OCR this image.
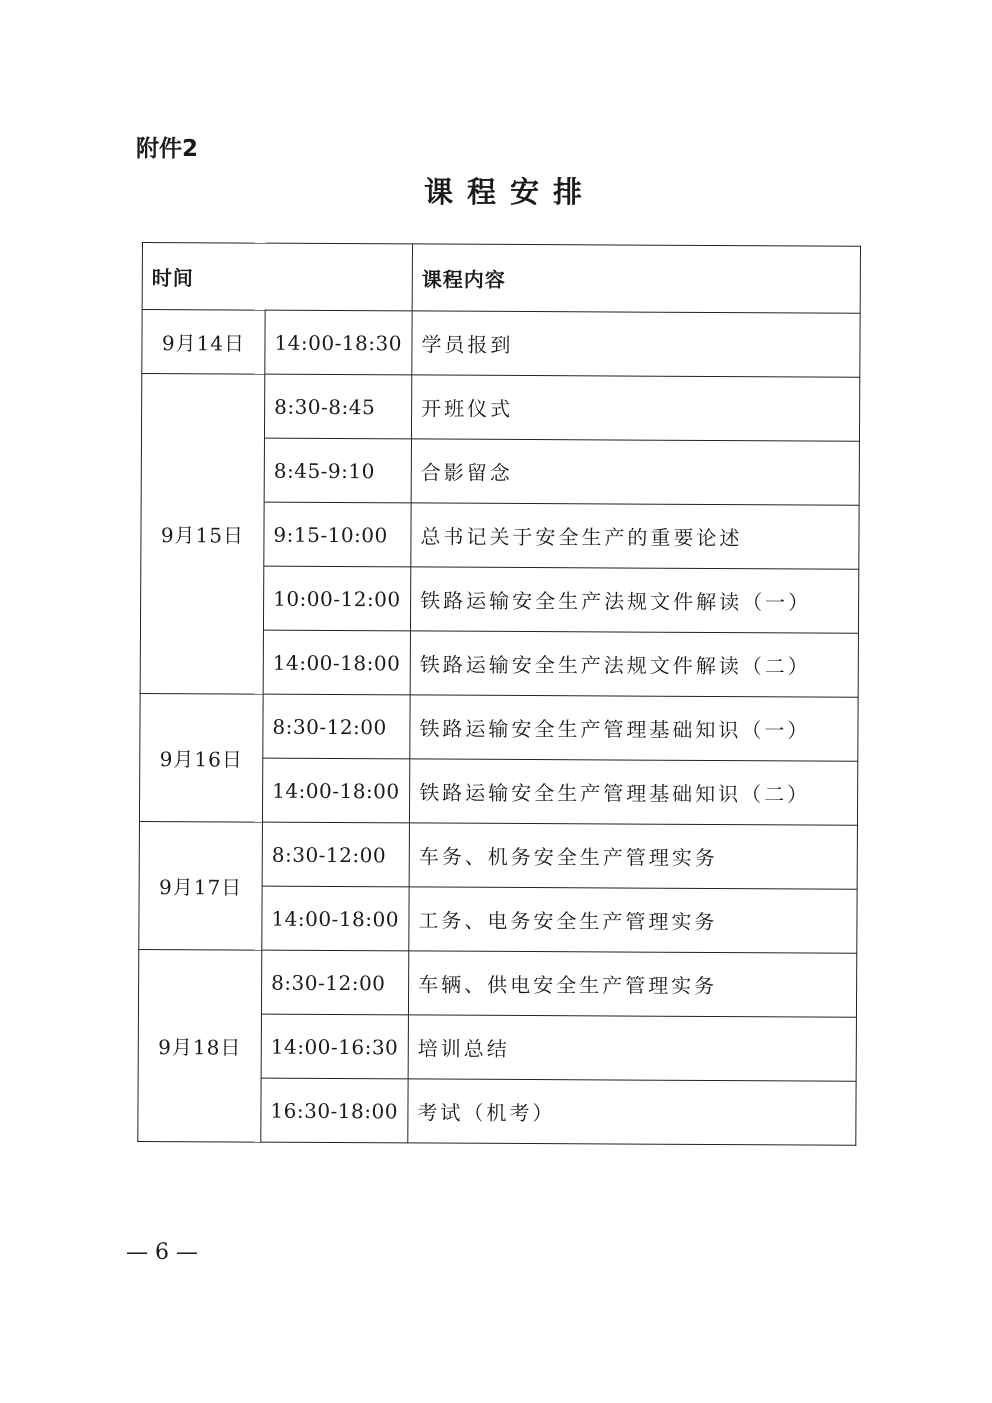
附件2
课程安排
时间		课程内容
9月14日	14:00-18:30	学员报到
9月15日	8:30-8:45	开班仪式
	8:45-9:10	合影留念
	9:15-10:00	总书记关于安全生产的重要论述
	10:00-12:00	铁路运输安全生产法规文件解读（一）
	14:00-18:00	铁路运输安全生产法规文件解读（二）
9月16日	8:30-12:00	铁路运输安全生产管理基础知识（一）
	14:00-18:00	铁路运输安全生产管理基础知识（二）
9月17日	8:30-12:00	车务、机务安全生产管理实务
	14:00-18:00	工务、电务安全生产管理实务
9月18日	8:30-12:00	车辆、供电安全生产管理实务
	14:00-16:30	培训总结
	16:30-18:00	考试（机考）
— 6 —
